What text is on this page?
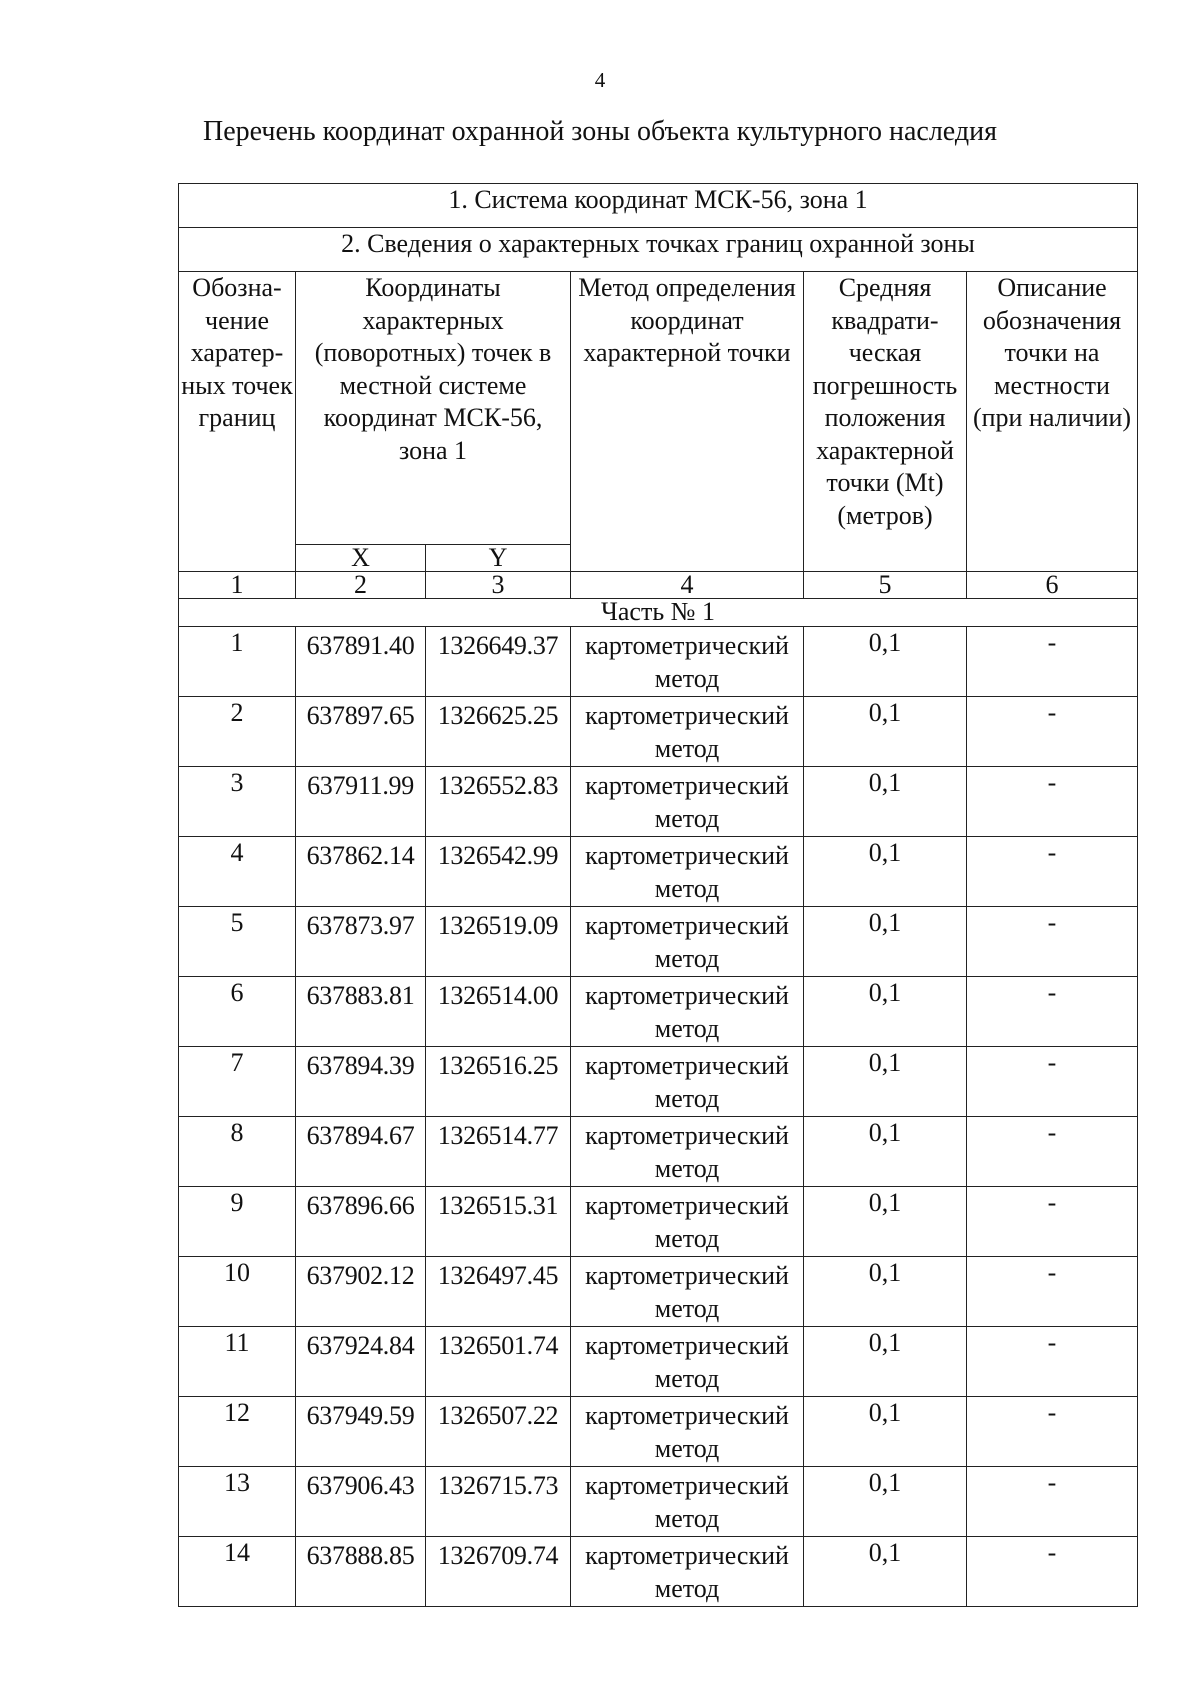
4
Перечень координат охранной зоны объекта культурного наследия
1. Система координат МСК-56, зона 1					
2. Сведения о характерных точках границ охранной зоны					
Обозна-чение харатер-ных точек границ	Координаты характерных (поворотных) точек в местной системе координат МСК-56, зона 1		Метод определения координат характерной точки	Средняя квадрати-ческая погрешность положения характерной точки (Mt) (метров)	Описание обозначения точки на местности (при наличии)
	X	Y			
1	2	3	4	5	6
Часть № 1					
1	637891.40	1326649.37	картометрический метод	0,1	-
2	637897.65	1326625.25	картометрический метод	0,1	-
3	637911.99	1326552.83	картометрический метод	0,1	-
4	637862.14	1326542.99	картометрический метод	0,1	-
5	637873.97	1326519.09	картометрический метод	0,1	-
6	637883.81	1326514.00	картометрический метод	0,1	-
7	637894.39	1326516.25	картометрический метод	0,1	-
8	637894.67	1326514.77	картометрический метод	0,1	-
9	637896.66	1326515.31	картометрический метод	0,1	-
10	637902.12	1326497.45	картометрический метод	0,1	-
11	637924.84	1326501.74	картометрический метод	0,1	-
12	637949.59	1326507.22	картометрический метод	0,1	-
13	637906.43	1326715.73	картометрический метод	0,1	-
14	637888.85	1326709.74	картометрический метод	0,1	-
